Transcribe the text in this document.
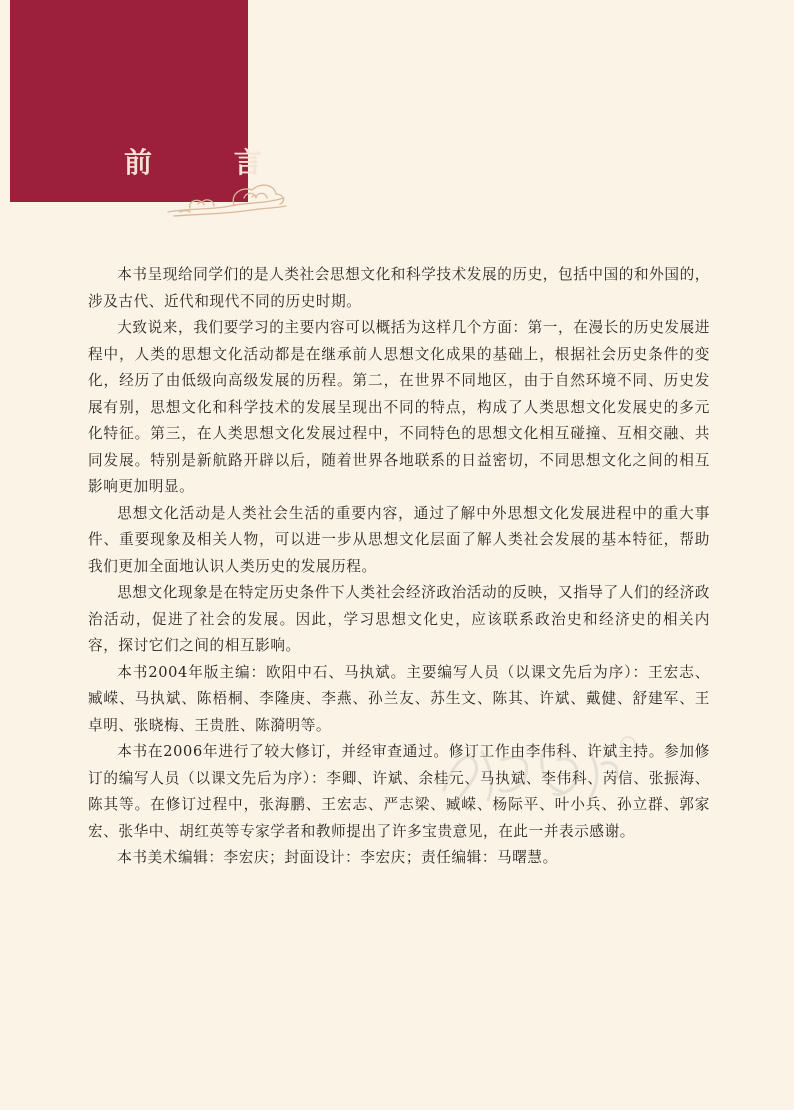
前 言

本书呈现给同学们的是人类社会思想文化和科学技术发展的历史，包括中国的和外国的，涉及古代、近代和现代不同的历史时期。

大致说来，我们要学习的主要内容可以概括为这样几个方面：第一，在漫长的历史发展进程中，人类的思想文化活动都是在继承前人思想文化成果的基础上，根据社会历史条件的变化，经历了由低级向高级发展的历程。第二，在世界不同地区，由于自然环境不同、历史发展有别，思想文化和科学技术的发展呈现出不同的特点，构成了人类思想文化发展史的多元化特征。第三，在人类思想文化发展过程中，不同特色的思想文化相互碰撞、互相交融、共同发展。特别是新航路开辟以后，随着世界各地联系的日益密切，不同思想文化之间的相互影响更加明显。

思想文化活动是人类社会生活的重要内容，通过了解中外思想文化发展进程中的重大事件、重要现象及相关人物，可以进一步从思想文化层面了解人类社会发展的基本特征，帮助我们更加全面地认识人类历史的发展历程。

思想文化现象是在特定历史条件下人类社会经济政治活动的反映，又指导了人们的经济政治活动，促进了社会的发展。因此，学习思想文化史，应该联系政治史和经济史的相关内容，探讨它们之间的相互影响。

本书2004年版主编：欧阳中石、马执斌。主要编写人员（以课文先后为序）：王宏志、臧嵘、马执斌、陈梧桐、李隆庚、李燕、孙兰友、苏生文、陈其、许斌、戴健、舒建军、王卓明、张晓梅、王贵胜、陈漪明等。

本书在2006年进行了较大修订，并经审查通过。修订工作由李伟科、许斌主持。参加修订的编写人员（以课文先后为序）：李卿、许斌、余桂元、马执斌、李伟科、芮信、张振海、陈其等。在修订过程中，张海鹏、王宏志、严志梁、臧嵘、杨际平、叶小兵、孙立群、郭家宏、张华中、胡红英等专家学者和教师提出了许多宝贵意见，在此一并表示感谢。

本书美术编辑：李宏庆；封面设计：李宏庆；责任编辑：马曙慧。
